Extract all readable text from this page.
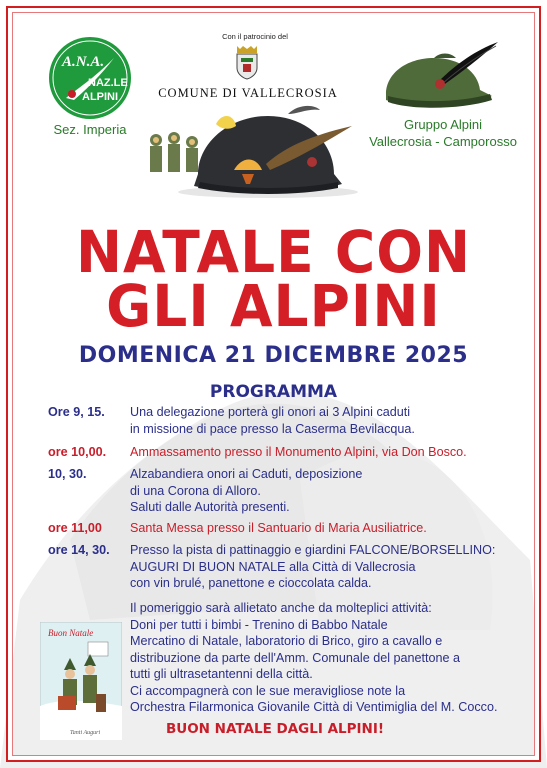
A.N.A.
NAZ.LE
ALPINI
Sez. Imperia
Con il patrocinio del
COMUNE DI VALLECROSIA
Gruppo Alpini
Vallecrosia - Camporosso
NATALE CON
GLI ALPINI
DOMENICA 21 DICEMBRE 2025
PROGRAMMA
Ore 9, 15. Una delegazione porterà gli onori ai 3 Alpini caduti
in missione di pace presso la Caserma Bevilacqua.
ore 10,00. Ammassamento presso il Monumento Alpini, via Don Bosco.
10, 30.	Alzabandiera onori ai Caduti, deposizione
di una Corona di Alloro.
Saluti dalle Autorità presenti.
ore 11,00 Santa Messa presso il Santuario di Maria Ausiliatrice.
ore 14, 30. Presso la pista di pattinaggio e giardini FALCONE/BORSELLINO:
AUGURI DI BUON NATALE alla Città di Vallecrosia
con vin brulé, panettone e cioccolata calda.
Il pomeriggio sarà allietato anche da molteplici attività:
Doni per tutti i bimbi - Trenino di Babbo Natale
Mercatino di Natale, laboratorio di Brico, giro a cavallo e
distribuzione da parte dell'Amm. Comunale del panettone a
tutti gli ultrasetantenni della città.
Ci accompagnerà con le sue meravigliose note la
Orchestra Filarmonica Giovanile Città di Ventimiglia del M. Cocco.
Buon Natale
Tanti Auguri	BUON NATALE DAGLI ALPINI!
